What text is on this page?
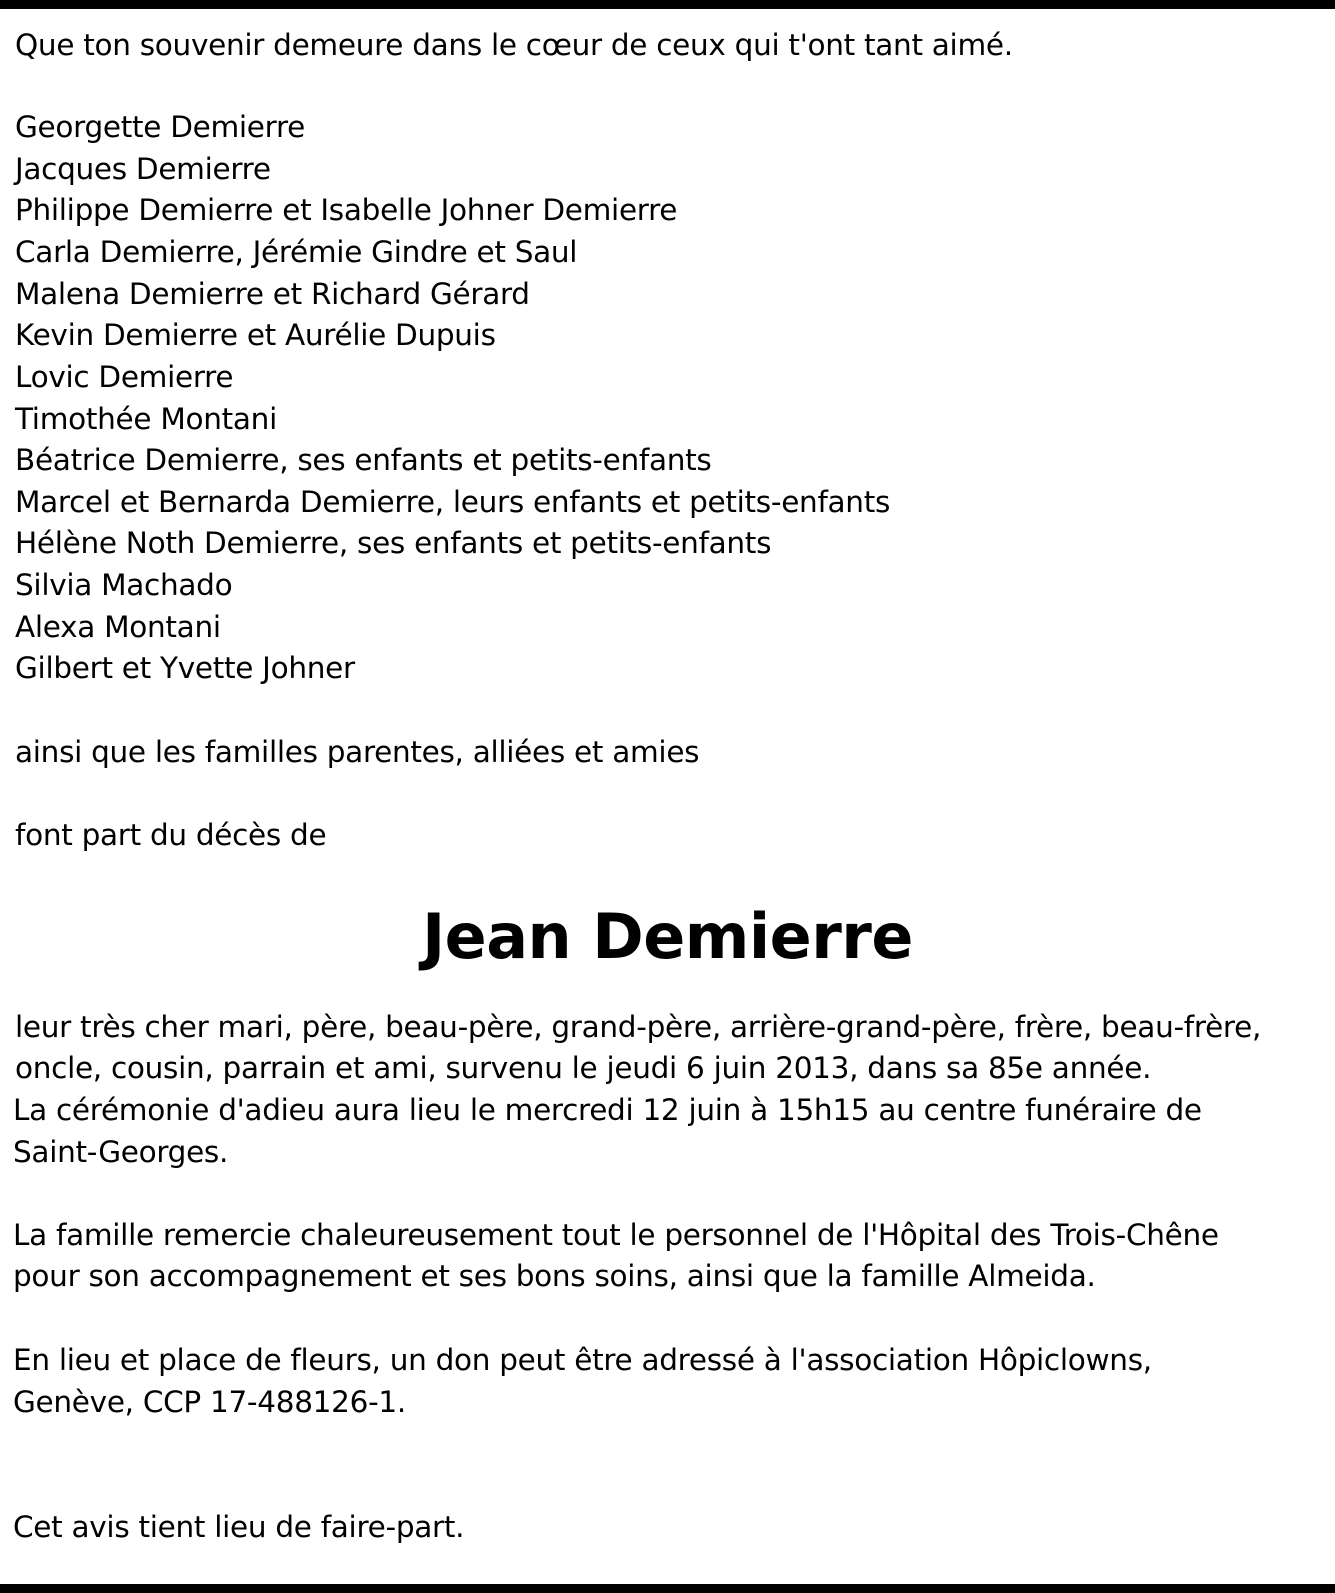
Que ton souvenir demeure dans le cœur de ceux qui t'ont tant aimé.
Georgette Demierre
Jacques Demierre
Philippe Demierre et Isabelle Johner Demierre
Carla Demierre, Jérémie Gindre et Saul
Malena Demierre et Richard Gérard
Kevin Demierre et Aurélie Dupuis
Lovic Demierre
Timothée Montani
Béatrice Demierre, ses enfants et petits-enfants
Marcel et Bernarda Demierre, leurs enfants et petits-enfants
Hélène Noth Demierre, ses enfants et petits-enfants
Silvia Machado
Alexa Montani
Gilbert et Yvette Johner
ainsi que les familles parentes, alliées et amies
font part du décès de
Jean Demierre
leur très cher mari, père, beau-père, grand-père, arrière-grand-père, frère, beau-frère,
oncle, cousin, parrain et ami, survenu le jeudi 6 juin 2013, dans sa 85e année.
La cérémonie d'adieu aura lieu le mercredi 12 juin à 15h15 au centre funéraire de
Saint-Georges.
La famille remercie chaleureusement tout le personnel de l'Hôpital des Trois-Chêne
pour son accompagnement et ses bons soins, ainsi que la famille Almeida.
En lieu et place de fleurs, un don peut être adressé à l'association Hôpiclowns,
Genève, CCP 17-488126-1.
Cet avis tient lieu de faire-part.
